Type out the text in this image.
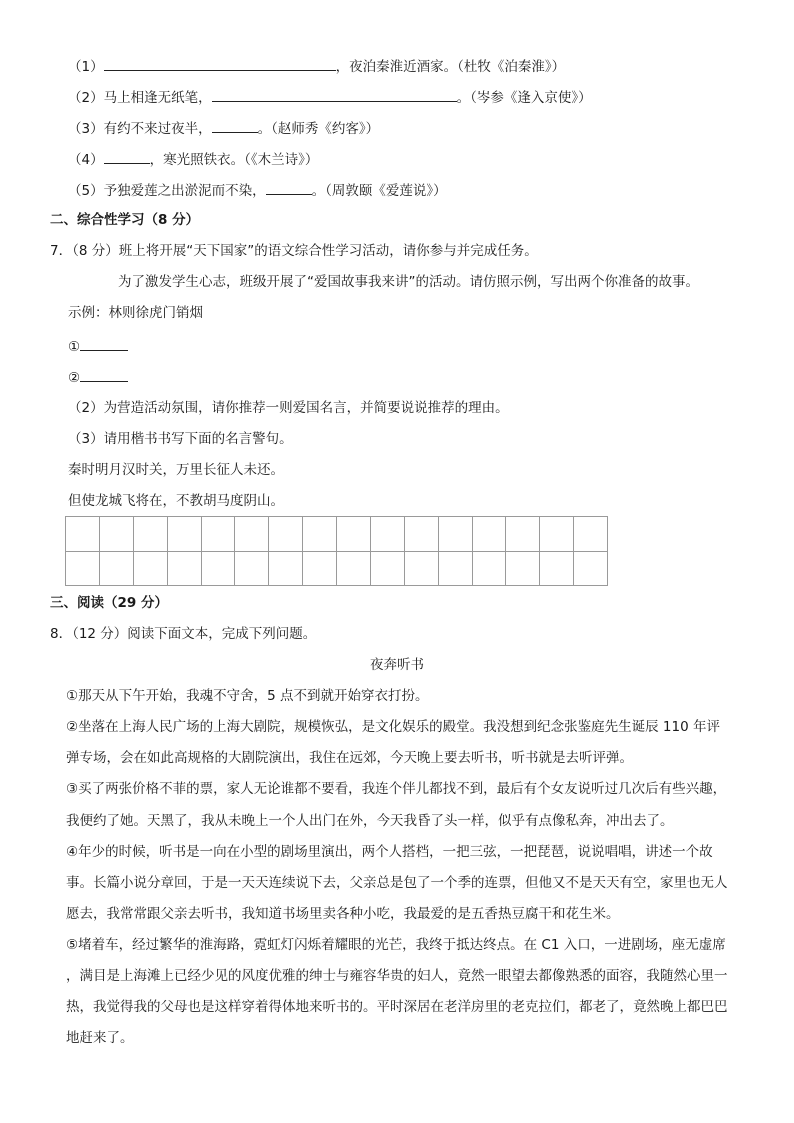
（1）	，夜泊秦淮近酒家。（杜牧《泊秦淮》）
（2）马上相逢无纸笔，	。（岑参《逢入京使》）
（3）有约不来过夜半，	。（赵师秀《约客》）
（4）	，寒光照铁衣。（《木兰诗》）
（5）予独爱莲之出淤泥而不染，	。（周敦颐《爱莲说》）
二、综合性学习（8 分）
7．（8 分）班上将开展“天下国家”的语文综合性学习活动，请你参与并完成任务。
为了激发学生心志，班级开展了“爱国故事我来讲”的活动。请仿照示例，写出两个你准备的故事。
示例：林则徐虎门销烟
①
②
（2）为营造活动氛围，请你推荐一则爱国名言，并简要说说推荐的理由。
（3）请用楷书书写下面的名言警句。
秦时明月汉时关，万里长征人未还。
但使龙城飞将在，不教胡马度阴山。

三、阅读（29 分）
8．（12 分）阅读下面文本，完成下列问题。
夜奔听书
①那天从下午开始，我魂不守舍，5 点不到就开始穿衣打扮。
②坐落在上海人民广场的上海大剧院，规模恢弘，是文化娱乐的殿堂。我没想到纪念张鉴庭先生诞辰 110 年评
弹专场，会在如此高规格的大剧院演出，我住在远郊，今天晚上要去听书，听书就是去听评弹。
③买了两张价格不菲的票，家人无论谁都不要看，我连个伴儿都找不到，最后有个女友说听过几次后有些兴趣，
我便约了她。天黑了，我从未晚上一个人出门在外，今天我昏了头一样，似乎有点像私奔，冲出去了。
④年少的时候，听书是一向在小型的剧场里演出，两个人搭档，一把三弦，一把琵琶，说说唱唱，讲述一个故
事。长篇小说分章回，于是一天天连续说下去，父亲总是包了一个季的连票，但他又不是天天有空，家里也无人
愿去，我常常跟父亲去听书，我知道书场里卖各种小吃，我最爱的是五香热豆腐干和花生米。
⑤堵着车，经过繁华的淮海路，霓虹灯闪烁着耀眼的光芒，我终于抵达终点。在 C1 入口，一进剧场，座无虚席
，满目是上海滩上已经少见的风度优雅的绅士与雍容华贵的妇人，竟然一眼望去都像熟悉的面容，我随然心里一
热，我觉得我的父母也是这样穿着得体地来听书的。平时深居在老洋房里的老克拉们，都老了，竟然晚上都巴巴
地赶来了。
